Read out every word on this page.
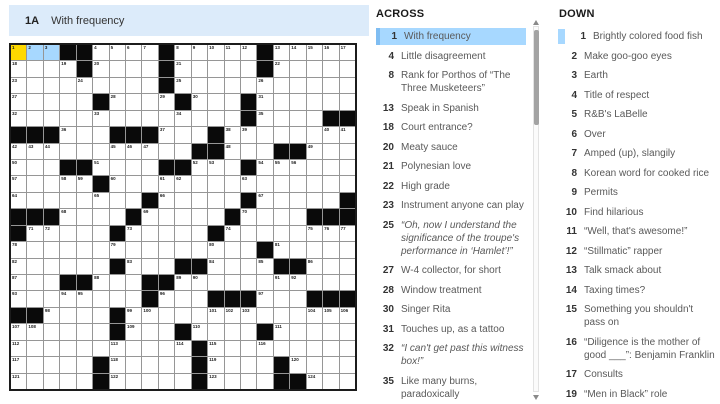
1A With frequency
1	2	3	4	5	6	7	8	9	10	11	12	13	14	15	16	17
18	19	20	21	22
23	24	25	26
27	28	29	30	31
32	33	34	35
36	37	38	39	40	41
42	43	44	45	46	47	48	49
50	51	52	53	54	55	56
57	58	59	60	61	62	63
64	65	66	67
68	69	70
71	72	73	74	75	76	77
78	79	80	81
82	83	84	85	86
87	88	89	90	91	92
93	94	95	96	97
98	99	100	101 102 103	104 105 106
107 108	109	110	111
112	113	114	115	116
117	118	119	120
121	122	123	124
ACROSS
1 With frequency
4 Little disagreement
8 Rank for Porthos of “The Three Musketeers”
13 Speak in Spanish
18 Court entrance?
20 Meaty sauce
21 Polynesian love
22 High grade
23 Instrument anyone can play
25 “Oh, now I understand the significance of the troupe's performance in ‘Hamlet’!”
27 W-4 collector, for short
28 Window treatment
30 Singer Rita
31 Touches up, as a tattoo
32 “I can't get past this witness box!”
35 Like many burns, paradoxically
DOWN
1 Brightly colored food fish
2 Make goo-goo eyes
3 Earth
4 Title of respect
5 R&B's LaBelle
6 Over
7 Amped (up), slangily
8 Korean word for cooked rice
9 Permits
10 Find hilarious
11 “Well, that's awesome!”
12 “Stillmatic” rapper
13 Talk smack about
14 Taxing times?
15 Something you shouldn't pass on
16 “Diligence is the mother of good ___”: Benjamin Franklin
17 Consults
19 “Men in Black” role
